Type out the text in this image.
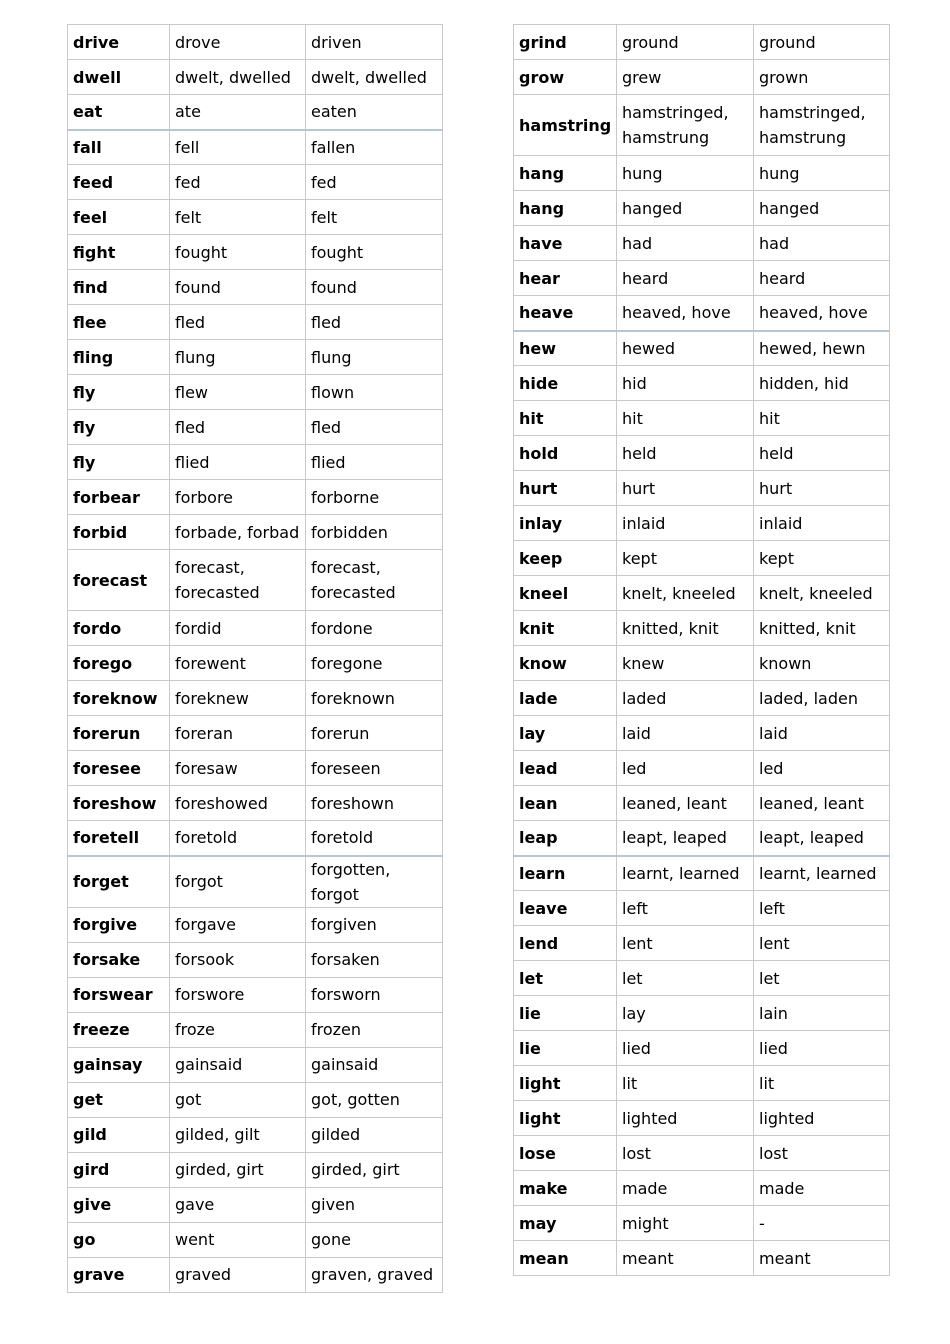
drive	drove	driven
dwell	dwelt, dwelled	dwelt, dwelled
eat	ate	eaten
fall	fell	fallen
feed	fed	fed
feel	felt	felt
fight	fought	fought
find	found	found
flee	fled	fled
fling	flung	flung
fly	flew	flown
fly	fled	fled
fly	flied	flied
forbear	forbore	forborne
forbid	forbade, forbad	forbidden
forecast	forecast, forecasted	forecast, forecasted
fordo	fordid	fordone
forego	forewent	foregone
foreknow	foreknew	foreknown
forerun	foreran	forerun
foresee	foresaw	foreseen
foreshow	foreshowed	foreshown
foretell	foretold	foretold
forget	forgot	forgotten, forgot
forgive	forgave	forgiven
forsake	forsook	forsaken
forswear	forswore	forsworn
freeze	froze	frozen
gainsay	gainsaid	gainsaid
get	got	got, gotten
gild	gilded, gilt	gilded
gird	girded, girt	girded, girt
give	gave	given
go	went	gone
grave	graved	graven, graved
grind	ground	ground
grow	grew	grown
hamstring	hamstringed, hamstrung	hamstringed, hamstrung
hang	hung	hung
hang	hanged	hanged
have	had	had
hear	heard	heard
heave	heaved, hove	heaved, hove
hew	hewed	hewed, hewn
hide	hid	hidden, hid
hit	hit	hit
hold	held	held
hurt	hurt	hurt
inlay	inlaid	inlaid
keep	kept	kept
kneel	knelt, kneeled	knelt, kneeled
knit	knitted, knit	knitted, knit
know	knew	known
lade	laded	laded, laden
lay	laid	laid
lead	led	led
lean	leaned, leant	leaned, leant
leap	leapt, leaped	leapt, leaped
learn	learnt, learned	learnt, learned
leave	left	left
lend	lent	lent
let	let	let
lie	lay	lain
lie	lied	lied
light	lit	lit
light	lighted	lighted
lose	lost	lost
make	made	made
may	might	-
mean	meant	meant
